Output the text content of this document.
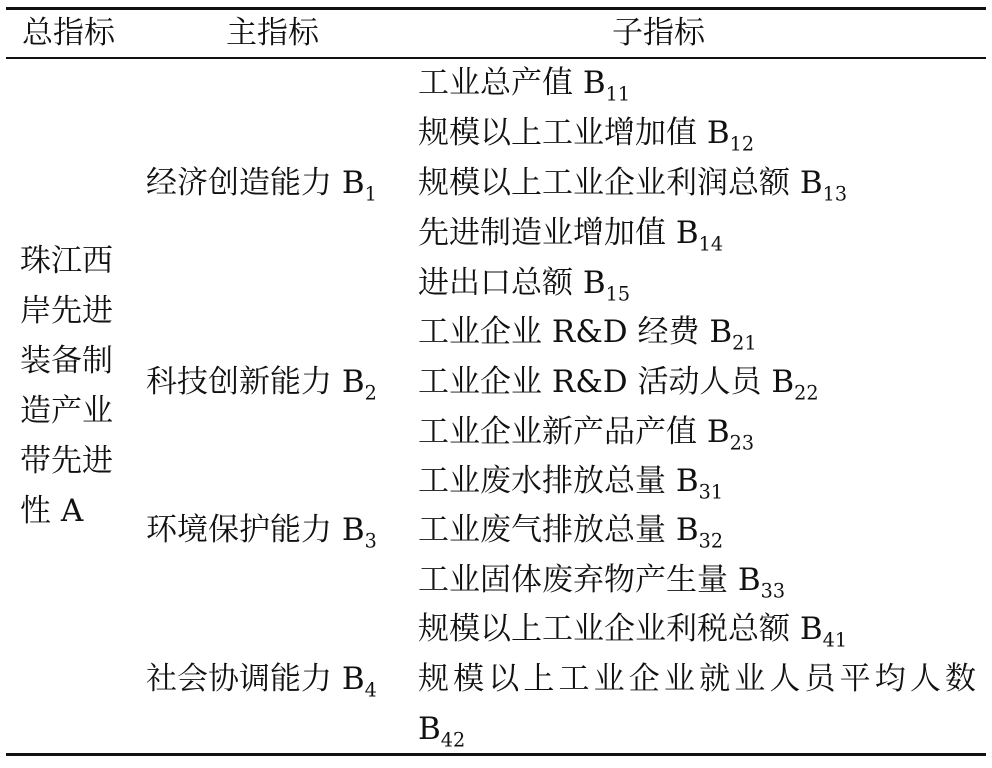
总指标	主指标	子指标
珠江西岸先进装备制造产业带先进性 A
经济创造能力 $B_1$
工业总产值 $B_{11}$
规模以上工业增加值 $B_{12}$
规模以上工业企业利润总额 $B_{13}$
先进制造业增加值 $B_{14}$
进出口总额 $B_{15}$
科技创新能力 $B_2$
工业企业 R&D 经费 $B_{21}$
工业企业 R&D 活动人员 $B_{22}$
工业企业新产品产值 $B_{23}$
环境保护能力 $B_3$
工业废水排放总量 $B_{31}$
工业废气排放总量 $B_{32}$
工业固体废弃物产生量 $B_{33}$
社会协调能力 $B_4$
规模以上工业企业利税总额 $B_{41}$
规模以上工业企业就业人员平均人数
$B_{42}$
